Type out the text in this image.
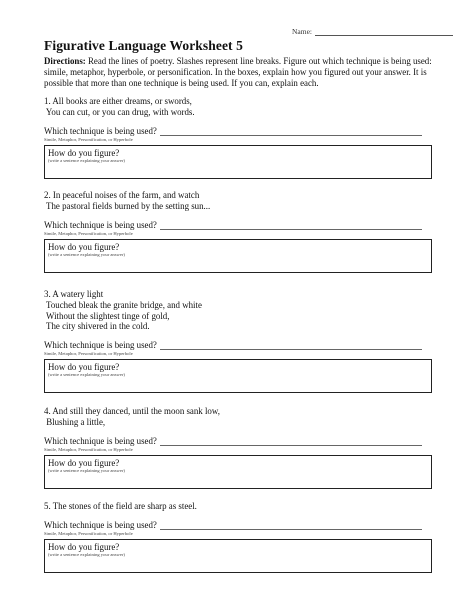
Name:
Figurative Language Worksheet 5
Directions: Read the lines of poetry. Slashes represent line breaks. Figure out which technique is being used: simile, metaphor, hyperbole, or personification. In the boxes, explain how you figured out your answer. It is possible that more than one technique is being used. If you can, explain each.
1. All books are either dreams, or swords,
You can cut, or you can drug, with words.
Which technique is being used?
Simile, Metaphor, Personification, or Hyperbole
How do you figure?
(write a sentence explaining your answer)
2. In peaceful noises of the farm, and watch
The pastoral fields burned by the setting sun...
Which technique is being used?
Simile, Metaphor, Personification, or Hyperbole
How do you figure?
(write a sentence explaining your answer)
3. A watery light
Touched bleak the granite bridge, and white
Without the slightest tinge of gold,
The city shivered in the cold.
Which technique is being used?
Simile, Metaphor, Personification, or Hyperbole
How do you figure?
(write a sentence explaining your answer)
4. And still they danced, until the moon sank low,
Blushing a little,
Which technique is being used?
Simile, Metaphor, Personification, or Hyperbole
How do you figure?
(write a sentence explaining your answer)
5. The stones of the field are sharp as steel.
Which technique is being used?
Simile, Metaphor, Personification, or Hyperbole
How do you figure?
(write a sentence explaining your answer)
